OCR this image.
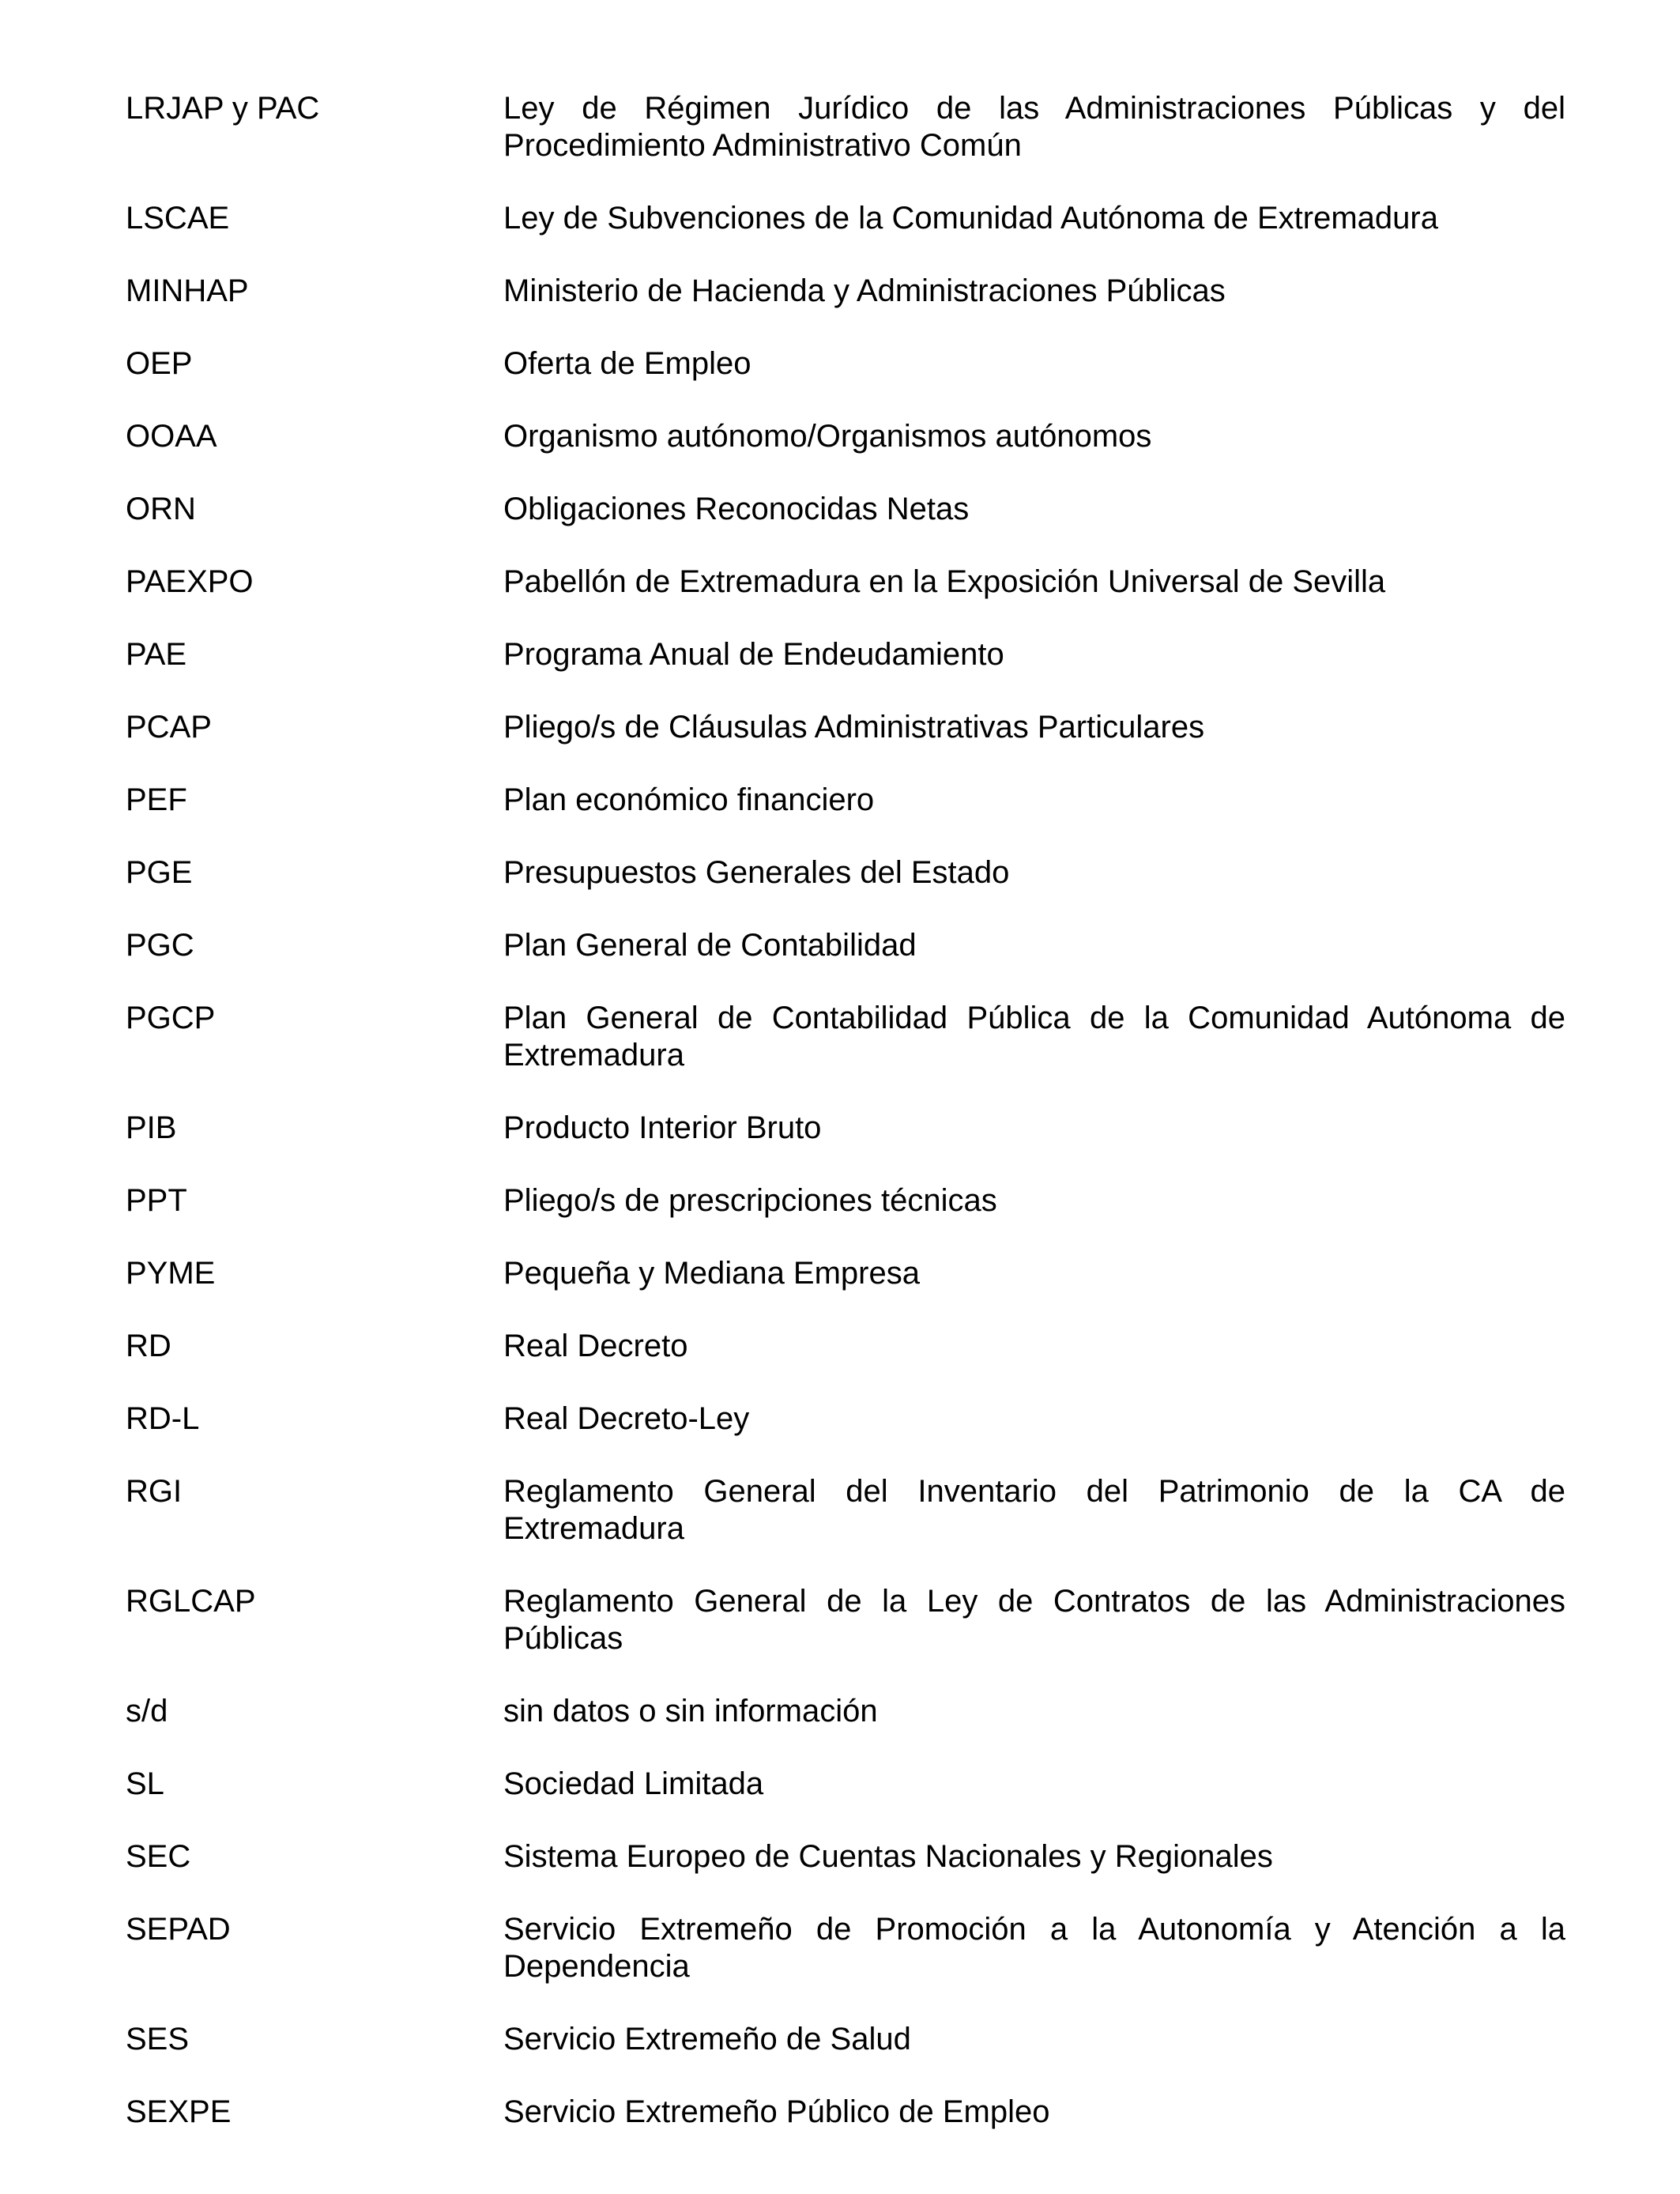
LRJAP y PAC	Ley de Régimen Jurídico de las Administraciones Públicas y del Procedimiento Administrativo Común
LSCAE	Ley de Subvenciones de la Comunidad Autónoma de Extremadura
MINHAP	Ministerio de Hacienda y Administraciones Públicas
OEP	Oferta de Empleo
OOAA	Organismo autónomo/Organismos autónomos
ORN	Obligaciones Reconocidas Netas
PAEXPO	Pabellón de Extremadura en la Exposición Universal de Sevilla
PAE	Programa Anual de Endeudamiento
PCAP	Pliego/s de Cláusulas Administrativas Particulares
PEF	Plan económico financiero
PGE	Presupuestos Generales del Estado
PGC	Plan General de Contabilidad
PGCP	Plan General de Contabilidad Pública de la Comunidad Autónoma de Extremadura
PIB	Producto Interior Bruto
PPT	Pliego/s de prescripciones técnicas
PYME	Pequeña y Mediana Empresa
RD	Real Decreto
RD-L	Real Decreto-Ley
RGI	Reglamento General del Inventario del Patrimonio de la CA de Extremadura
RGLCAP	Reglamento General de la Ley de Contratos de las Administraciones Públicas
s/d	sin datos o sin información
SL	Sociedad Limitada
SEC	Sistema Europeo de Cuentas Nacionales y Regionales
SEPAD	Servicio Extremeño de Promoción a la Autonomía y Atención a la Dependencia
SES	Servicio Extremeño de Salud
SEXPE	Servicio Extremeño Público de Empleo
